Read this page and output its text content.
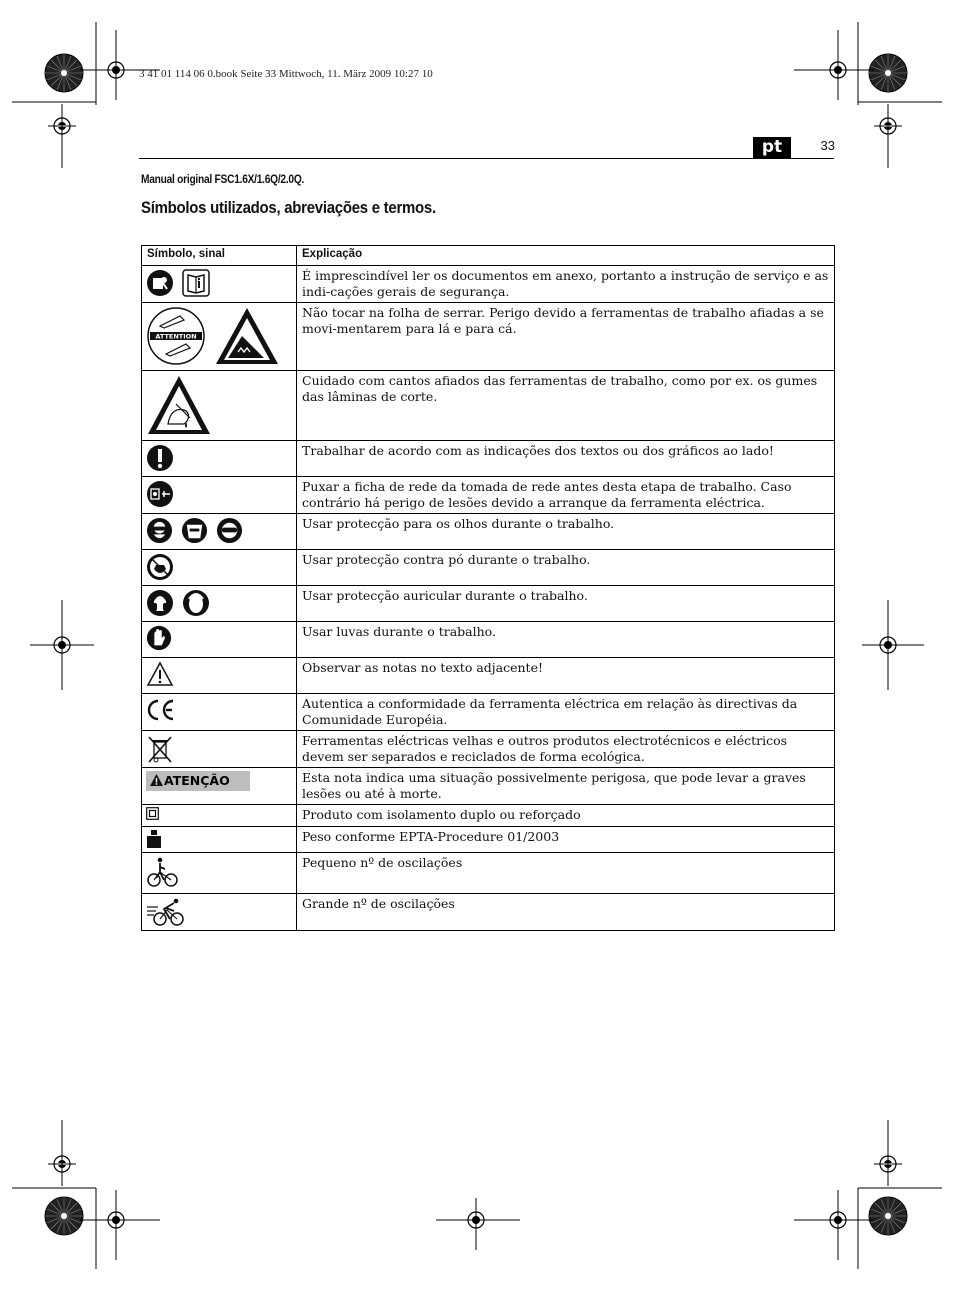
3 41 01 114 06 0.book Seite 33 Mittwoch, 11. März 2009 10:27 10
pt	33
Manual original FSC1.6X/1.6Q/2.0Q.
Símbolos utilizados, abreviações e termos.
Símbolo, sinal	Explicação
	É imprescindível ler os documentos em anexo, portanto a instrução de serviço e as indi-cações gerais de segurança.

ATTENTION	Não tocar na folha de serrar. Perigo devido a ferramentas de trabalho afiadas a se movi-mentarem para lá e para cá.
	Cuidado com cantos afiados das ferramentas de trabalho, como por ex. os gumes das lâminas de corte.
	Trabalhar de acordo com as indicações dos textos ou dos gráficos ao lado!
	Puxar a ficha de rede da tomada de rede antes desta etapa de trabalho. Caso contrário há perigo de lesões devido a arranque da ferramenta eléctrica.
	Usar protecção para os olhos durante o trabalho.
	Usar protecção contra pó durante o trabalho.
	Usar protecção auricular durante o trabalho.
	Usar luvas durante o trabalho.
	Observar as notas no texto adjacente!
	Autentica a conformidade da ferramenta eléctrica em relação às directivas da Comunidade Européia.
	Ferramentas eléctricas velhas e outros produtos electrotécnicos e eléctricos devem ser separados e reciclados de forma ecológica.
ATENÇÃO	Esta nota indica uma situação possivelmente perigosa, que pode levar a graves lesões ou até à morte.
	Produto com isolamento duplo ou reforçado
	Peso conforme EPTA-Procedure 01/2003
	Pequeno nº de oscilações
	Grande nº de oscilações
